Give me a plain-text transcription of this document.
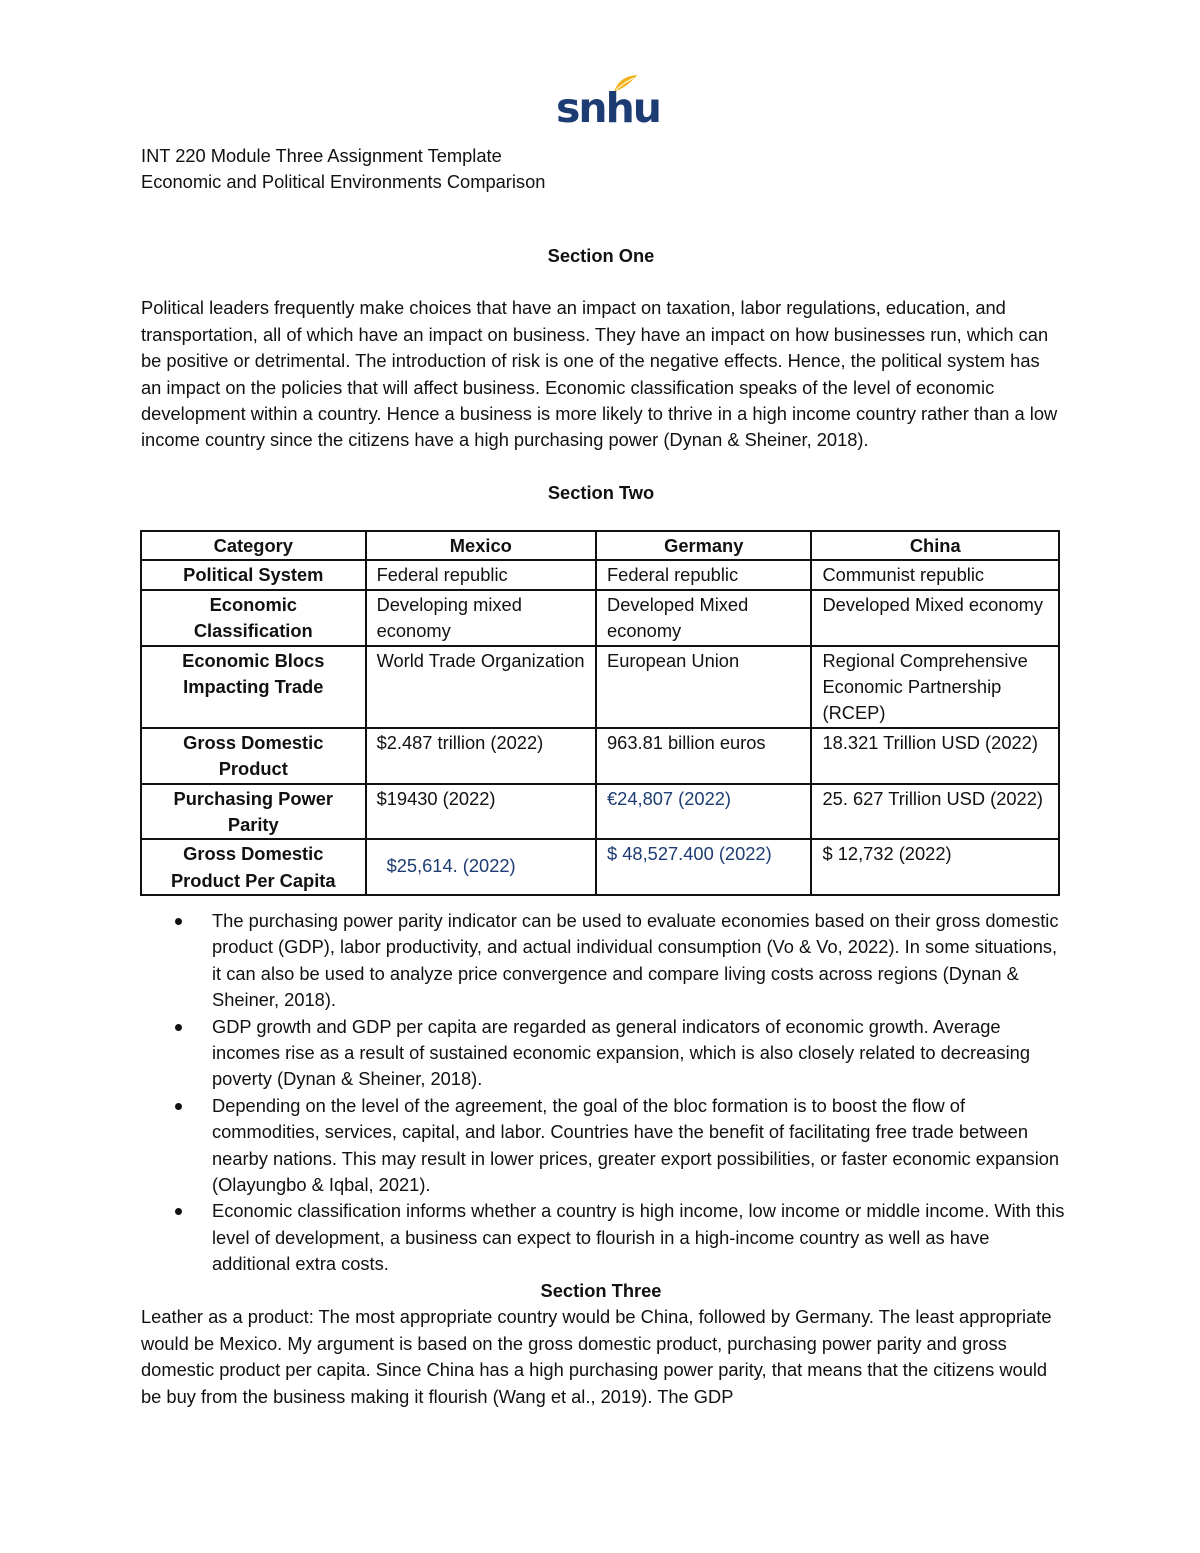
snhu
INT 220 Module Three Assignment Template
Economic and Political Environments Comparison
Section One

Political leaders frequently make choices that have an impact on taxation, labor regulations, education, and transportation, all of which have an impact on business. They have an impact on how businesses run, which can be positive or detrimental. The introduction of risk is one of the negative effects. Hence, the political system has an impact on the policies that will affect business. Economic classification speaks of the level of economic development within a country. Hence a business is more likely to thrive in a high income country rather than a low income country since the citizens have a high purchasing power (Dynan & Sheiner, 2018).

Section Two
Category	Mexico	Germany	China
Political System	Federal republic	Federal republic	Communist republic
Economic Classification	Developing mixed economy	Developed Mixed economy	Developed Mixed economy
Economic Blocs Impacting Trade	World Trade Organization	European Union	Regional Comprehensive Economic Partnership (RCEP)
Gross Domestic Product	$2.487 trillion (2022)	963.81 billion euros	18.321 Trillion USD (2022)
Purchasing Power Parity	$19430 (2022)	€24,807 (2022)	25. 627 Trillion USD (2022)
Gross Domestic Product Per Capita	$25,614. (2022)	$ 48,527.400 (2022)	$ 12,732 (2022)
The purchasing power parity indicator can be used to evaluate economies based on their gross domestic product (GDP), labor productivity, and actual individual consumption (Vo & Vo, 2022). In some situations, it can also be used to analyze price convergence and compare living costs across regions (Dynan & Sheiner, 2018).
GDP growth and GDP per capita are regarded as general indicators of economic growth. Average incomes rise as a result of sustained economic expansion, which is also closely related to decreasing poverty (Dynan & Sheiner, 2018).
Depending on the level of the agreement, the goal of the bloc formation is to boost the flow of commodities, services, capital, and labor. Countries have the benefit of facilitating free trade between nearby nations. This may result in lower prices, greater export possibilities, or faster economic expansion (Olayungbo & Iqbal, 2021).
Economic classification informs whether a country is high income, low income or middle income. With this level of development, a business can expect to flourish in a high-income country as well as have additional extra costs.
Section Three

Leather as a product: The most appropriate country would be China, followed by Germany. The least appropriate would be Mexico. My argument is based on the gross domestic product, purchasing power parity and gross domestic product per capita. Since China has a high purchasing power parity, that means that the citizens would be buy from the business making it flourish (Wang et al., 2019). The GDP
